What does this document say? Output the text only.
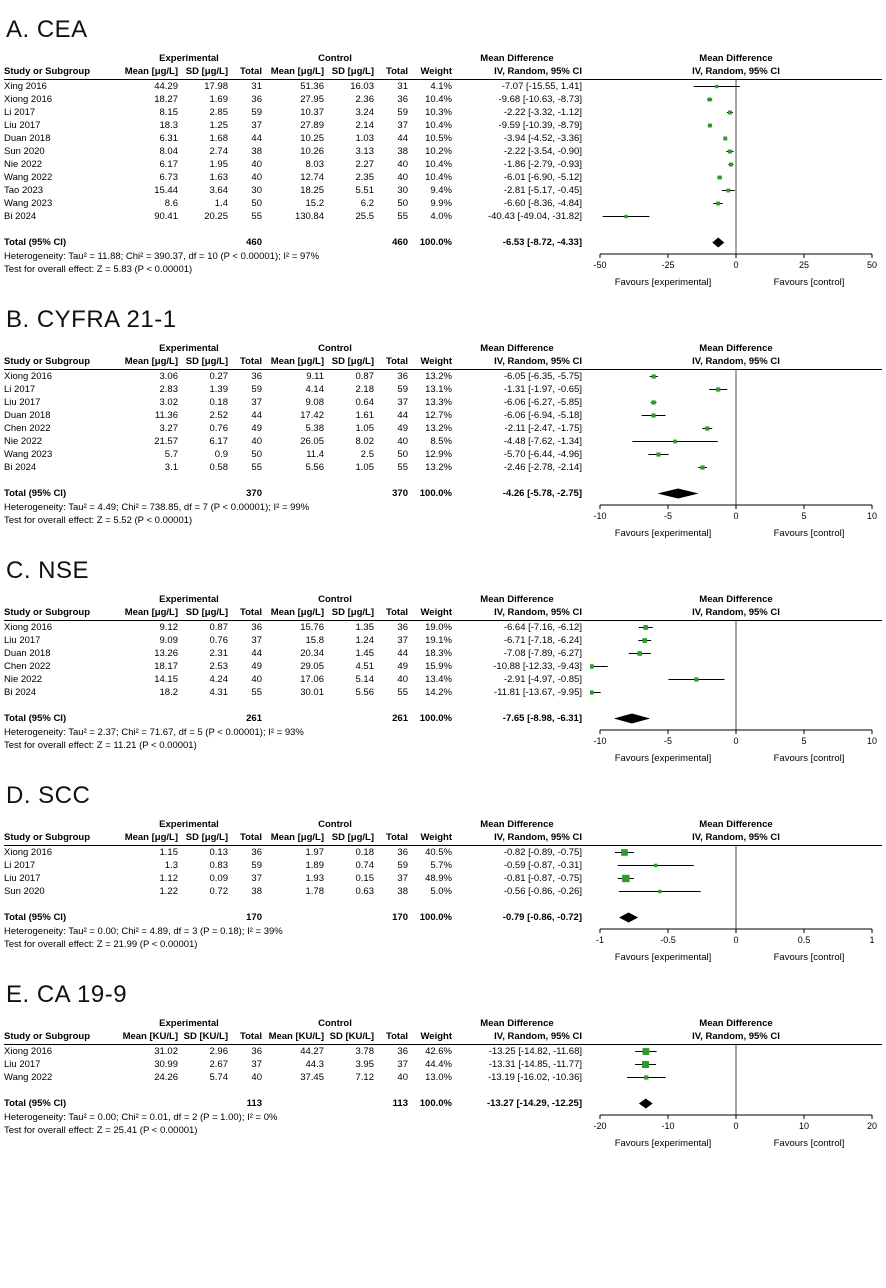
A. CEA
Experimental	Control	Mean Difference	Mean Difference
Study or Subgroup	Mean [μg/L] SD [μg/L]	Total Mean [μg/L] SD [μg/L]	Total	Weight	IV, Random, 95% CI	IV, Random, 95% CI
Xing 2016	44.29	17.98	31	51.36	16.03	31	4.1%	-7.07 [-15.55, 1.41]
Xiong 2016	18.27	1.69	36	27.95	2.36	36	10.4%	-9.68 [-10.63, -8.73]
Li 2017	8.15	2.85	59	10.37	3.24	59	10.3%	-2.22 [-3.32, -1.12]
Liu 2017	18.3	1.25	37	27.89	2.14	37	10.4%	-9.59 [-10.39, -8.79]
Duan 2018	6.31	1.68	44	10.25	1.03	44	10.5%	-3.94 [-4.52, -3.36]
Sun 2020	8.04	2.74	38	10.26	3.13	38	10.2%	-2.22 [-3.54, -0.90]
Nie 2022	6.17	1.95	40	8.03	2.27	40	10.4%	-1.86 [-2.79, -0.93]
Wang 2022	6.73	1.63	40	12.74	2.35	40	10.4%	-6.01 [-6.90, -5.12]
Tao 2023	15.44	3.64	30	18.25	5.51	30	9.4%	-2.81 [-5.17, -0.45]
Wang 2023	8.6	1.4	50	15.2	6.2	50	9.9%	-6.60 [-8.36, -4.84]
Bi 2024	90.41	20.25	55	130.84	25.5	55	4.0%	-40.43 [-49.04, -31.82]
Total (95% CI)	460	460	100.0%	-6.53 [-8.72, -4.33]
Heterogeneity: Tau² = 11.88; Chi² = 390.37, df = 10 (P < 0.00001); I² = 97%
Test for overall effect: Z = 5.83 (P < 0.00001)	-50	-25	0	25	50
Favours [experimental]	Favours [control]
B. CYFRA 21-1
Experimental	Control	Mean Difference	Mean Difference
Study or Subgroup	Mean [μg/L] SD [μg/L]	Total Mean [μg/L] SD [μg/L]	Total	Weight	IV, Random, 95% CI	IV, Random, 95% CI
Xiong 2016	3.06	0.27	36	9.11	0.87	36	13.2%	-6.05 [-6.35, -5.75]
Li 2017	2.83	1.39	59	4.14	2.18	59	13.1%	-1.31 [-1.97, -0.65]
Liu 2017	3.02	0.18	37	9.08	0.64	37	13.3%	-6.06 [-6.27, -5.85]
Duan 2018	11.36	2.52	44	17.42	1.61	44	12.7%	-6.06 [-6.94, -5.18]
Chen 2022	3.27	0.76	49	5.38	1.05	49	13.2%	-2.11 [-2.47, -1.75]
Nie 2022	21.57	6.17	40	26.05	8.02	40	8.5%	-4.48 [-7.62, -1.34]
Wang 2023	5.7	0.9	50	11.4	2.5	50	12.9%	-5.70 [-6.44, -4.96]
Bi 2024	3.1	0.58	55	5.56	1.05	55	13.2%	-2.46 [-2.78, -2.14]
Total (95% CI)	370	370	100.0%	-4.26 [-5.78, -2.75]
Heterogeneity: Tau² = 4.49; Chi² = 738.85, df = 7 (P < 0.00001); I² = 99%
Test for overall effect: Z = 5.52 (P < 0.00001)	-10	-5	0	5	10
Favours [experimental]	Favours [control]
C. NSE
Experimental	Control	Mean Difference	Mean Difference
Study or Subgroup	Mean [μg/L] SD [μg/L]	Total Mean [μg/L] SD [μg/L]	Total	Weight	IV, Random, 95% CI	IV, Random, 95% CI
Xiong 2016	9.12	0.87	36	15.76	1.35	36	19.0%	-6.64 [-7.16, -6.12]
Liu 2017	9.09	0.76	37	15.8	1.24	37	19.1%	-6.71 [-7.18, -6.24]
Duan 2018	13.26	2.31	44	20.34	1.45	44	18.3%	-7.08 [-7.89, -6.27]
Chen 2022	18.17	2.53	49	29.05	4.51	49	15.9%	-10.88 [-12.33, -9.43]
Nie 2022	14.15	4.24	40	17.06	5.14	40	13.4%	-2.91 [-4.97, -0.85]
Bi 2024	18.2	4.31	55	30.01	5.56	55	14.2%	-11.81 [-13.67, -9.95]
Total (95% CI)	261	261	100.0%	-7.65 [-8.98, -6.31]
Heterogeneity: Tau² = 2.37; Chi² = 71.67, df = 5 (P < 0.00001); I² = 93%
Test for overall effect: Z = 11.21 (P < 0.00001)	-10	-5	0	5	10
Favours [experimental]	Favours [control]
D. SCC
Experimental	Control	Mean Difference	Mean Difference
Study or Subgroup	Mean [μg/L] SD [μg/L]	Total Mean [μg/L] SD [μg/L]	Total	Weight	IV, Random, 95% CI	IV, Random, 95% CI
Xiong 2016	1.15	0.13	36	1.97	0.18	36	40.5%	-0.82 [-0.89, -0.75]
Li 2017	1.3	0.83	59	1.89	0.74	59	5.7%	-0.59 [-0.87, -0.31]
Liu 2017	1.12	0.09	37	1.93	0.15	37	48.9%	-0.81 [-0.87, -0.75]
Sun 2020	1.22	0.72	38	1.78	0.63	38	5.0%	-0.56 [-0.86, -0.26]
Total (95% CI)	170	170	100.0%	-0.79 [-0.86, -0.72]
Heterogeneity: Tau² = 0.00; Chi² = 4.89, df = 3 (P = 0.18); I² = 39%
Test for overall effect: Z = 21.99 (P < 0.00001)	-1	-0.5	0	0.5	1
Favours [experimental]	Favours [control]
E. CA 19-9
Experimental	Control	Mean Difference	Mean Difference
Study or Subgroup	Mean [KU/L] SD [KU/L]	Total Mean [KU/L] SD [KU/L]	Total	Weight	IV, Random, 95% CI	IV, Random, 95% CI
Xiong 2016	31.02	2.96	36	44.27	3.78	36	42.6%	-13.25 [-14.82, -11.68]
Liu 2017	30.99	2.67	37	44.3	3.95	37	44.4%	-13.31 [-14.85, -11.77]
Wang 2022	24.26	5.74	40	37.45	7.12	40	13.0%	-13.19 [-16.02, -10.36]
Total (95% CI)	113	113	100.0%	-13.27 [-14.29, -12.25]
Heterogeneity: Tau² = 0.00; Chi² = 0.01, df = 2 (P = 1.00); I² = 0%
Test for overall effect: Z = 25.41 (P < 0.00001)	-20	-10	0	10	20
Favours [experimental]	Favours [control]
